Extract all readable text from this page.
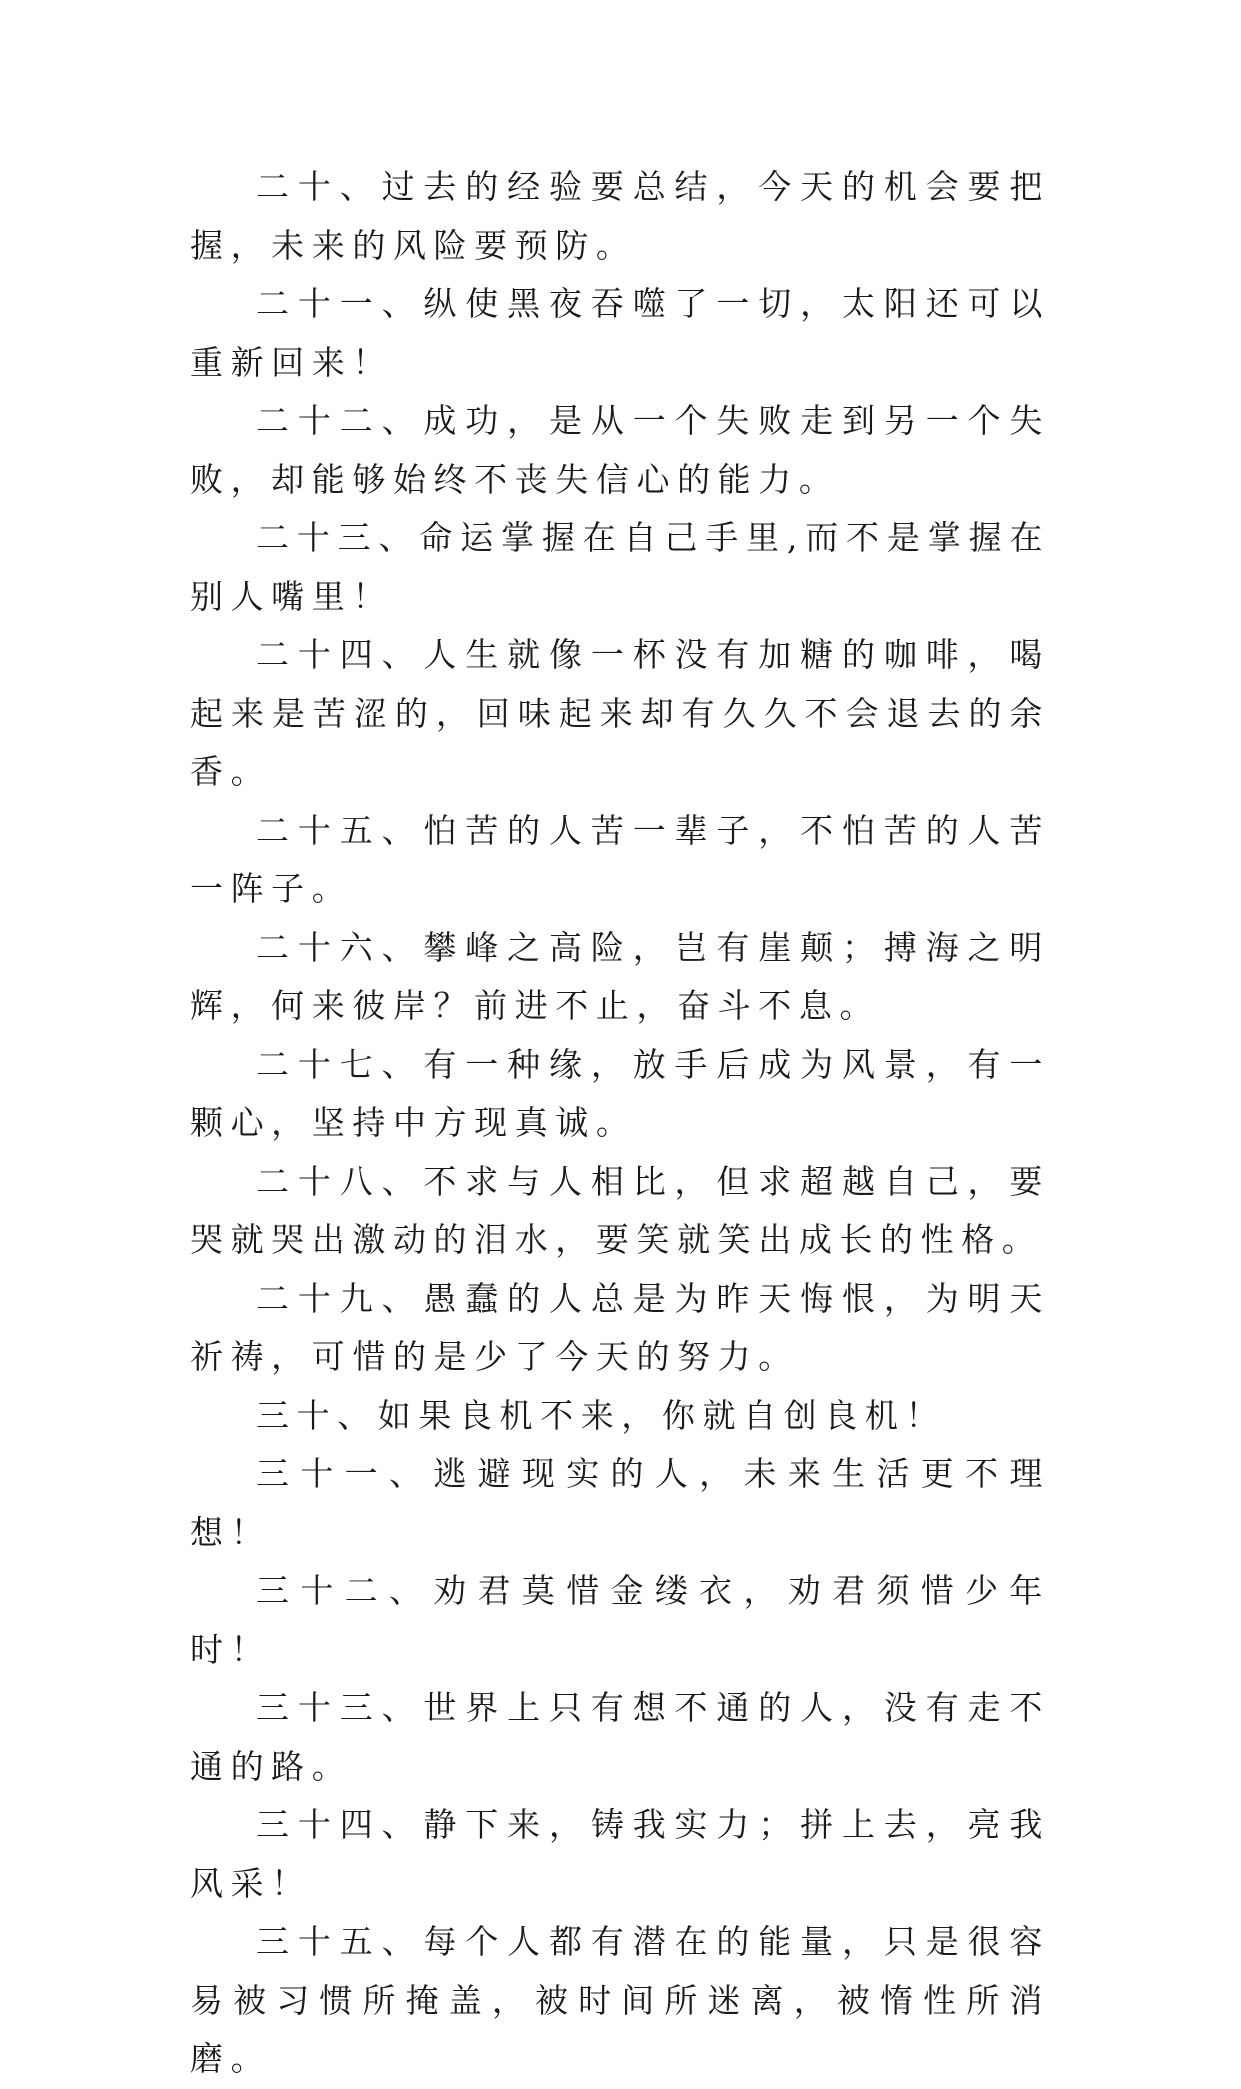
二十、过去的经验要总结，今天的机会要把握，未来的风险要预防。

二十一、纵使黑夜吞噬了一切，太阳还可以重新回来！

二十二、成功，是从一个失败走到另一个失败，却能够始终不丧失信心的能力。

二十三、命运掌握在自己手里,而不是掌握在别人嘴里！

二十四、人生就像一杯没有加糖的咖啡，喝起来是苦涩的，回味起来却有久久不会退去的余香。

二十五、怕苦的人苦一辈子，不怕苦的人苦一阵子。

二十六、攀峰之高险，岂有崖颠；搏海之明辉，何来彼岸？前进不止，奋斗不息。

二十七、有一种缘，放手后成为风景，有一颗心，坚持中方现真诚。

二十八、不求与人相比，但求超越自己，要哭就哭出激动的泪水，要笑就笑出成长的性格。

二十九、愚蠢的人总是为昨天悔恨，为明天祈祷，可惜的是少了今天的努力。

三十、如果良机不来，你就自创良机！

三十一、逃避现实的人，未来生活更不理想！

三十二、劝君莫惜金缕衣，劝君须惜少年时！

三十三、世界上只有想不通的人，没有走不通的路。

三十四、静下来，铸我实力；拼上去，亮我风采！

三十五、每个人都有潜在的能量，只是很容易被习惯所掩盖，被时间所迷离，被惰性所消磨。
